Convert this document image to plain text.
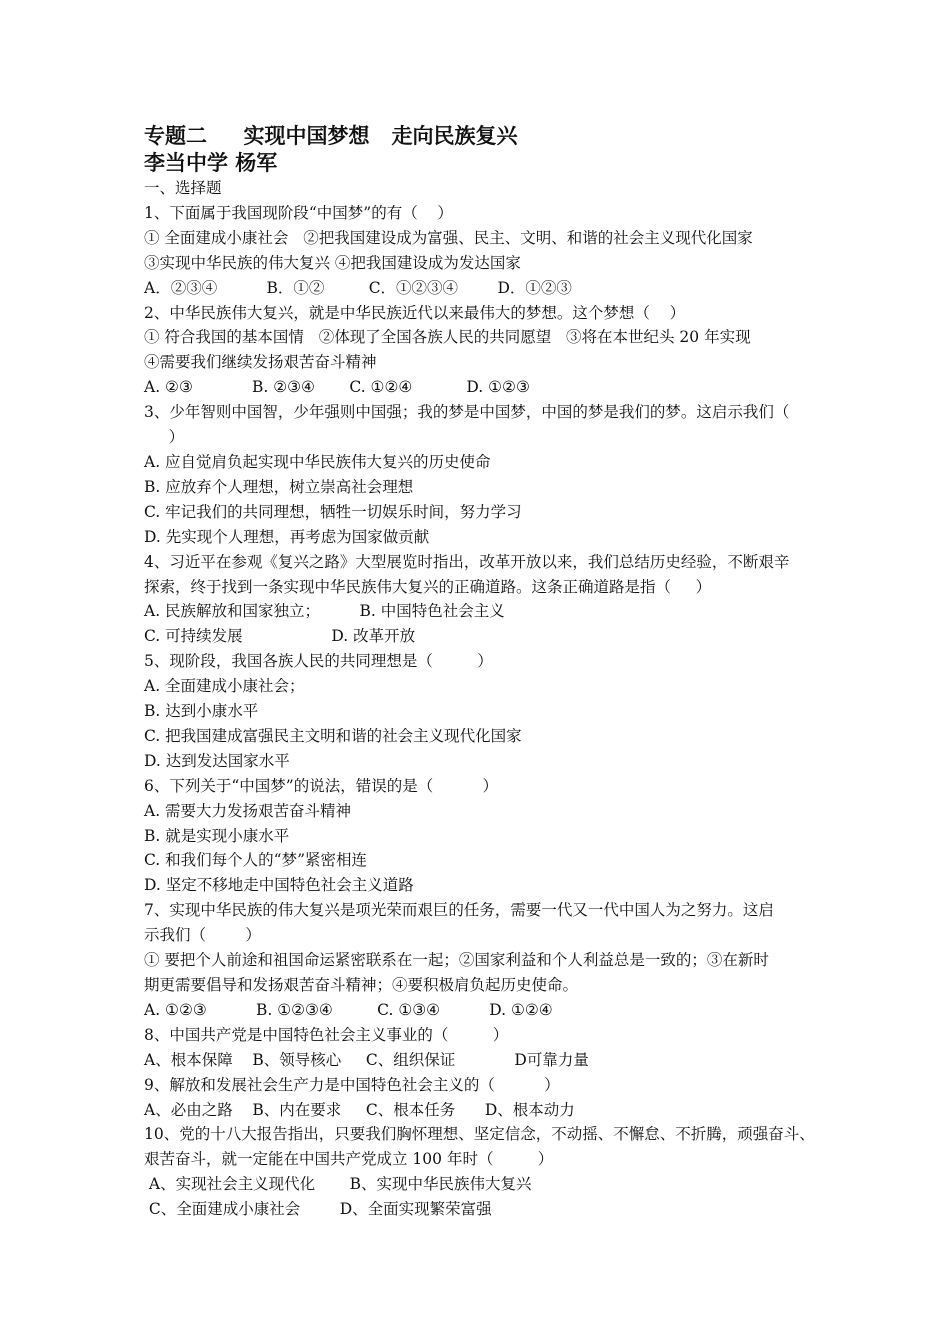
专题二     实现中国梦想   走向民族复兴
李当中学 杨军
一、选择题
1、下面属于我国现阶段“中国梦”的有（    ）
① 全面建成小康社会   ②把我国建设成为富强、民主、文明、和谐的社会主义现代化国家
③实现中华民族的伟大复兴 ④把我国建设成为发达国家
A．②③④          B．①②         C．①②③④        D．①②③
2、中华民族伟大复兴，就是中华民族近代以来最伟大的梦想。这个梦想（    ）
① 符合我国的基本国情   ②体现了全国各族人民的共同愿望   ③将在本世纪头 20 年实现
④需要我们继续发扬艰苦奋斗精神
A. ②③            B. ②③④       C. ①②④           D. ①②③
3、少年智则中国智，少年强则中国强；我的梦是中国梦，中国的梦是我们的梦。这启示我们（
）
A. 应自觉肩负起实现中华民族伟大复兴的历史使命
B. 应放弃个人理想，树立崇高社会理想
C. 牢记我们的共同理想，牺牲一切娱乐时间，努力学习
D. 先实现个人理想，再考虑为国家做贡献
4、习近平在参观《复兴之路》大型展览时指出，改革开放以来，我们总结历史经验，不断艰辛
探索，终于找到一条实现中华民族伟大复兴的正确道路。这条正确道路是指（     ）
A. 民族解放和国家独立；        B. 中国特色社会主义
C. 可持续发展                  D. 改革开放
5、现阶段，我国各族人民的共同理想是（         ）
A. 全面建成小康社会；
B. 达到小康水平
C. 把我国建成富强民主文明和谐的社会主义现代化国家
D. 达到发达国家水平
6、下列关于“中国梦”的说法，错误的是（          ）
A. 需要大力发扬艰苦奋斗精神
B. 就是实现小康水平
C. 和我们每个人的“梦”紧密相连
D. 坚定不移地走中国特色社会主义道路
7、实现中华民族的伟大复兴是项光荣而艰巨的任务，需要一代又一代中国人为之努力。这启
示我们（        ）
① 要把个人前途和祖国命运紧密联系在一起；②国家利益和个人利益总是一致的；③在新时
期更需要倡导和发扬艰苦奋斗精神；④要积极肩负起历史使命。
A. ①②③          B. ①②③④         C. ①③④          D. ①②④
8、中国共产党是中国特色社会主义事业的（         ）
A、根本保障    B、领导核心     C、组织保证            D可靠力量
9、解放和发展社会生产力是中国特色社会主义的（          ）
A、必由之路    B、内在要求     C、根本任务      D、根本动力
10、党的十八大报告指出，只要我们胸怀理想、坚定信念，不动摇、不懈怠、不折腾，顽强奋斗、
艰苦奋斗，就一定能在中国共产党成立 100 年时（         ）
A、实现社会主义现代化       B、实现中华民族伟大复兴
C、全面建成小康社会        D、全面实现繁荣富强
